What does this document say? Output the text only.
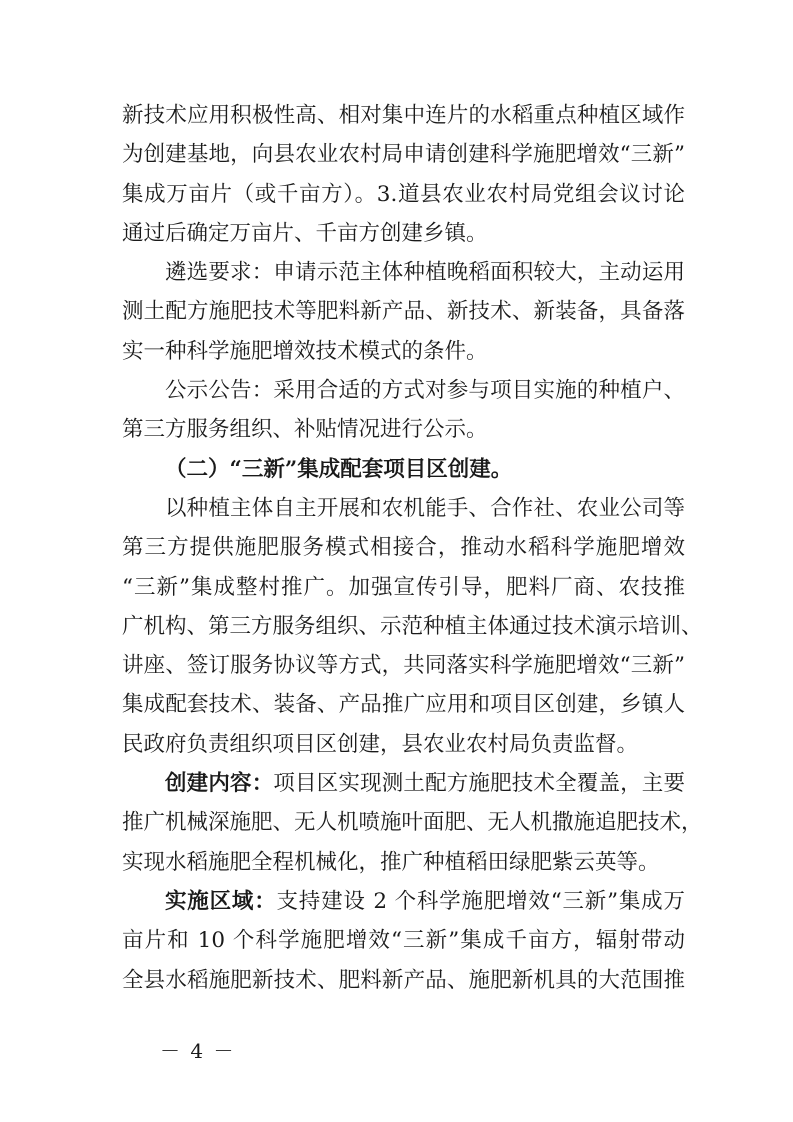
新技术应用积极性高、相对集中连片的水稻重点种植区域作
为创建基地，向县农业农村局申请创建科学施肥增效“三新”
集成万亩片（或千亩方）。3.道县农业农村局党组会议讨论
通过后确定万亩片、千亩方创建乡镇。
遴选要求：申请示范主体种植晚稻面积较大，主动运用
测土配方施肥技术等肥料新产品、新技术、新装备，具备落
实一种科学施肥增效技术模式的条件。
公示公告：采用合适的方式对参与项目实施的种植户、
第三方服务组织、补贴情况进行公示。
（二）“三新”集成配套项目区创建。
以种植主体自主开展和农机能手、合作社、农业公司等
第三方提供施肥服务模式相接合，推动水稻科学施肥增效
“三新”集成整村推广。加强宣传引导，肥料厂商、农技推
广机构、第三方服务组织、示范种植主体通过技术演示培训、
讲座、签订服务协议等方式，共同落实科学施肥增效“三新”
集成配套技术、装备、产品推广应用和项目区创建，乡镇人
民政府负责组织项目区创建，县农业农村局负责监督。
创建内容：项目区实现测土配方施肥技术全覆盖，主要
推广机械深施肥、无人机喷施叶面肥、无人机撒施追肥技术，
实现水稻施肥全程机械化，推广种植稻田绿肥紫云英等。
实施区域：支持建设 2 个科学施肥增效“三新”集成万
亩片和 10 个科学施肥增效“三新”集成千亩方，辐射带动
全县水稻施肥新技术、肥料新产品、施肥新机具的大范围推
－ 4 －
